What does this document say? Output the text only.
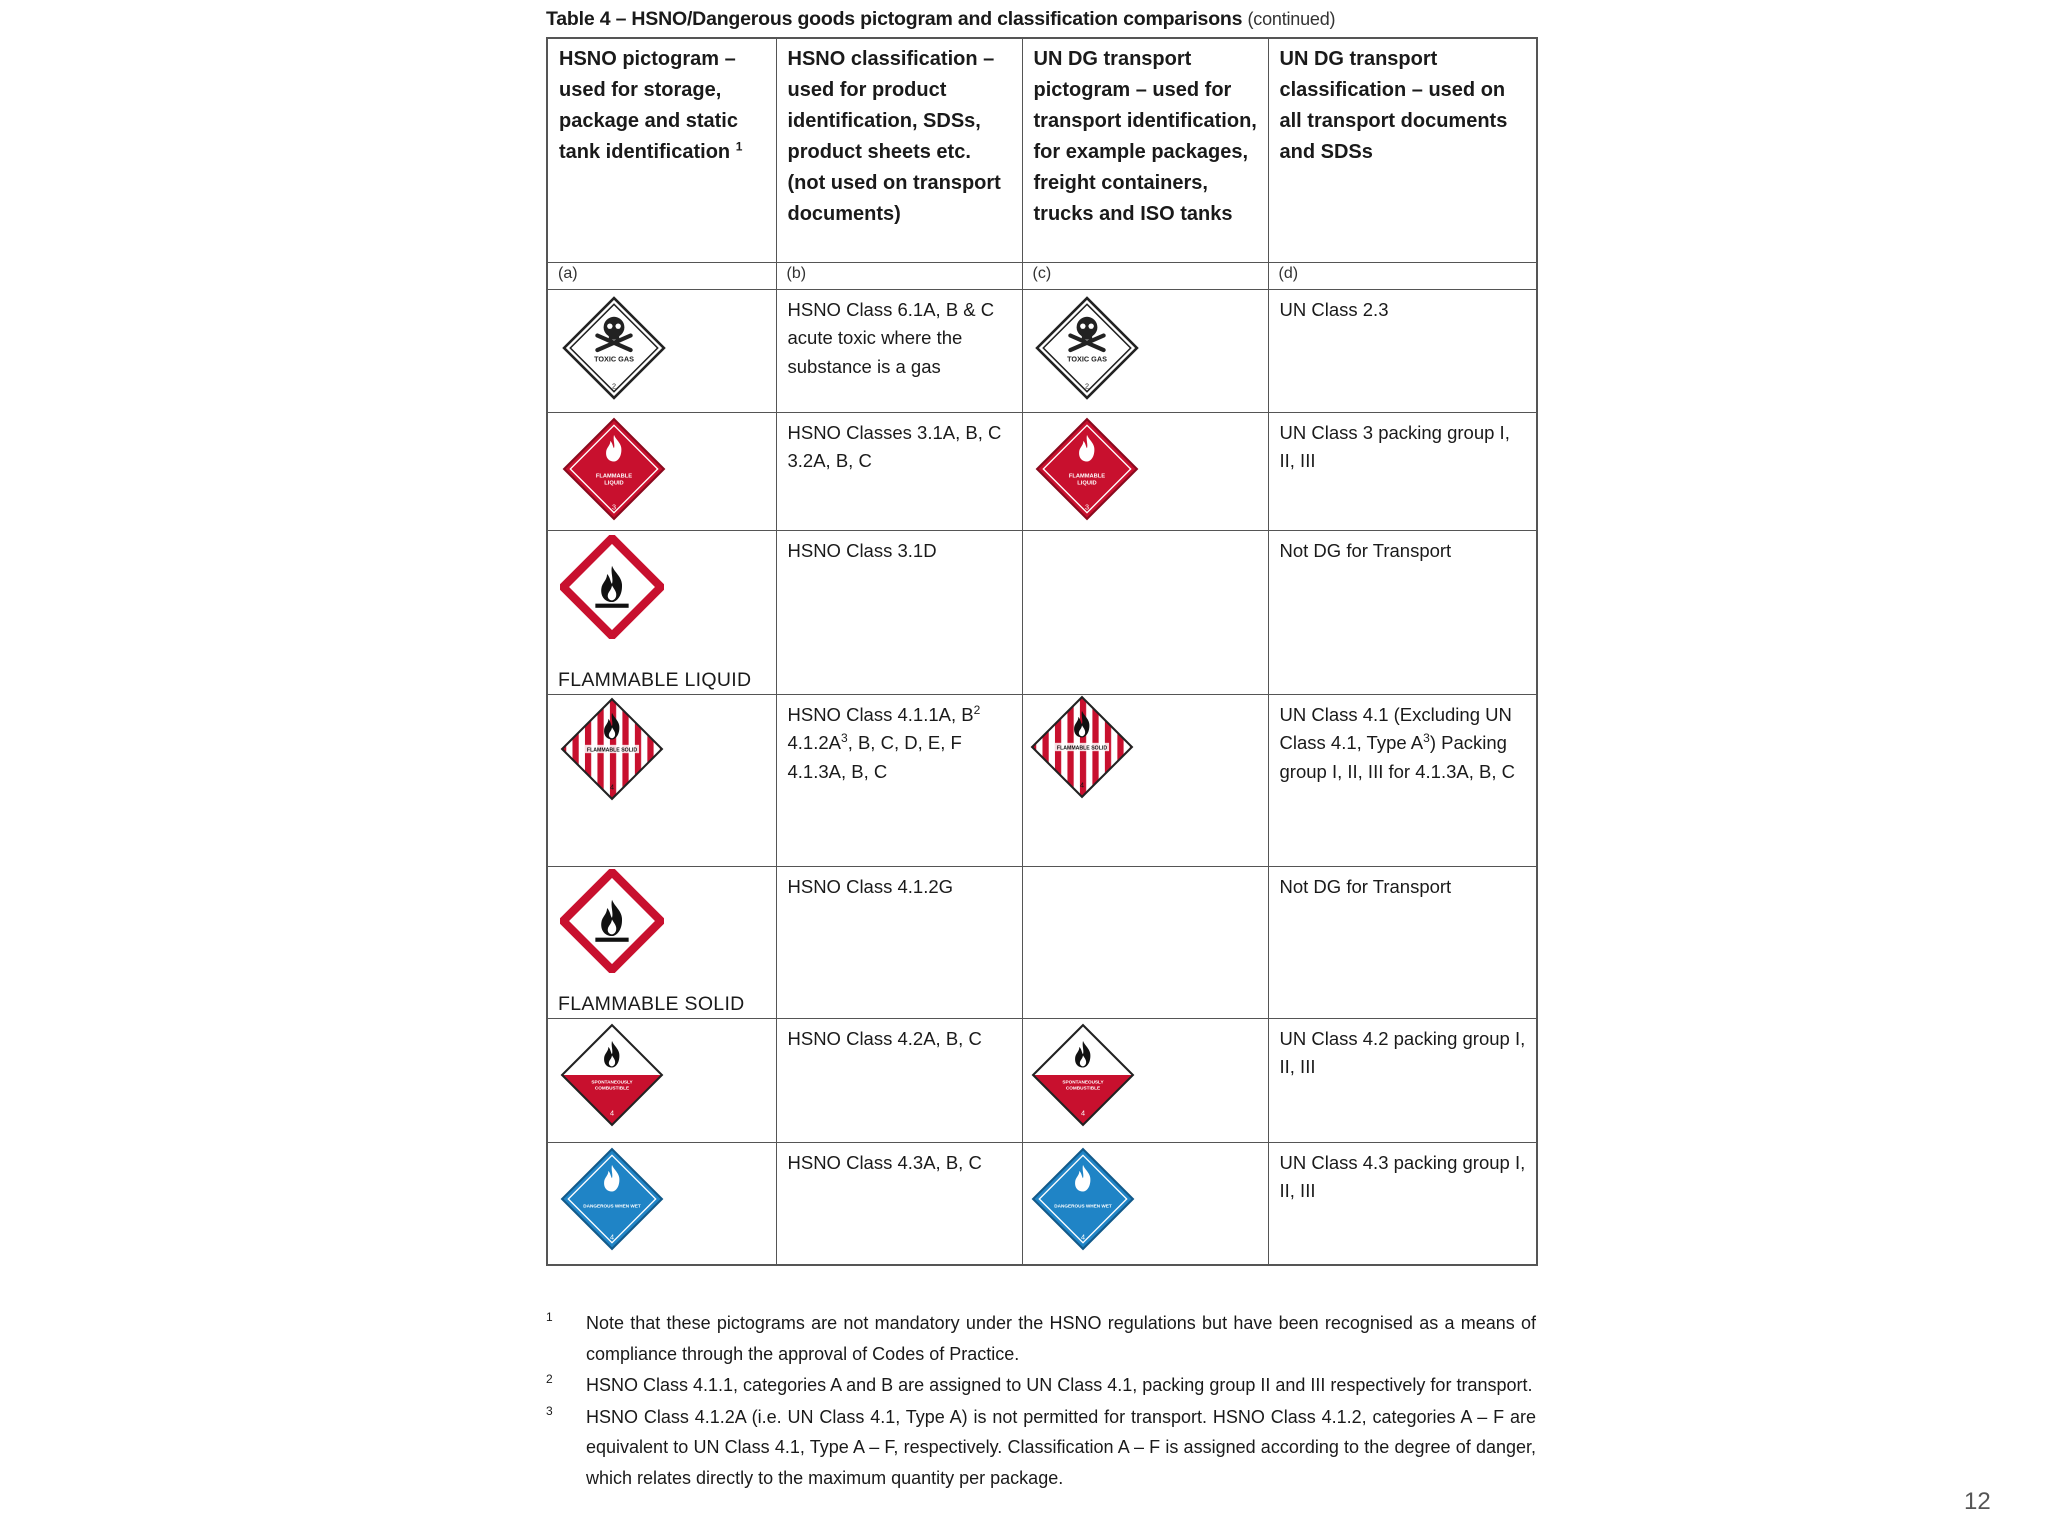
Table 4 – HSNO/Dangerous goods pictogram and classification comparisons (continued)
HSNO pictogram –used for storage, package and static tank identification $^1$	HSNO classification – used for product identification, SDSs, product sheets etc. (not used on transport documents)	UN DG transport pictogram – used for transport identification, for example packages, freight containers, trucks and ISO tanks	UN DG transport classification – used on all transport documents and SDSs
(a)	(b)	(c)	(d)

	HSNO Class 6.1A, B & C acute toxic where the substance is a gas		UN Class 2.3

	HSNO Classes 3.1A, B, C 3.2A, B, C		UN Class 3 packing group I, II, III

FLAMMABLE LIQUID	HSNO Class 3.1D		Not DG for Transport

	HSNO Class 4.1.1A, $B^2$ $4.1.2A^3$, B, C, D, E, F 4.1.3A, B, C		UN Class 4.1 (Excluding UN Class 4.1, Type $A^3$) Packing group I, II, III for 4.1.3A, B, C

FLAMMABLE SOLID	HSNO Class 4.1.2G		Not DG for Transport

	HSNO Class 4.2A, B, C		UN Class 4.2 packing group I, II, III

	HSNO Class 4.3A, B, C		UN Class 4.3 packing group I, II, III
1 Note that these pictograms are not mandatory under the HSNO regulations but have been recognised as a means of compliance through the approval of Codes of Practice.
2 HSNO Class 4.1.1, categories A and B are assigned to UN Class 4.1, packing group II and III respectively for transport.
3 HSNO Class 4.1.2A (i.e. UN Class 4.1, Type A) is not permitted for transport. HSNO Class 4.1.2, categories A – F are equivalent to UN Class 4.1, Type A – F, respectively. Classification A – F is assigned according to the degree of danger, which relates directly to the maximum quantity per package.
12
